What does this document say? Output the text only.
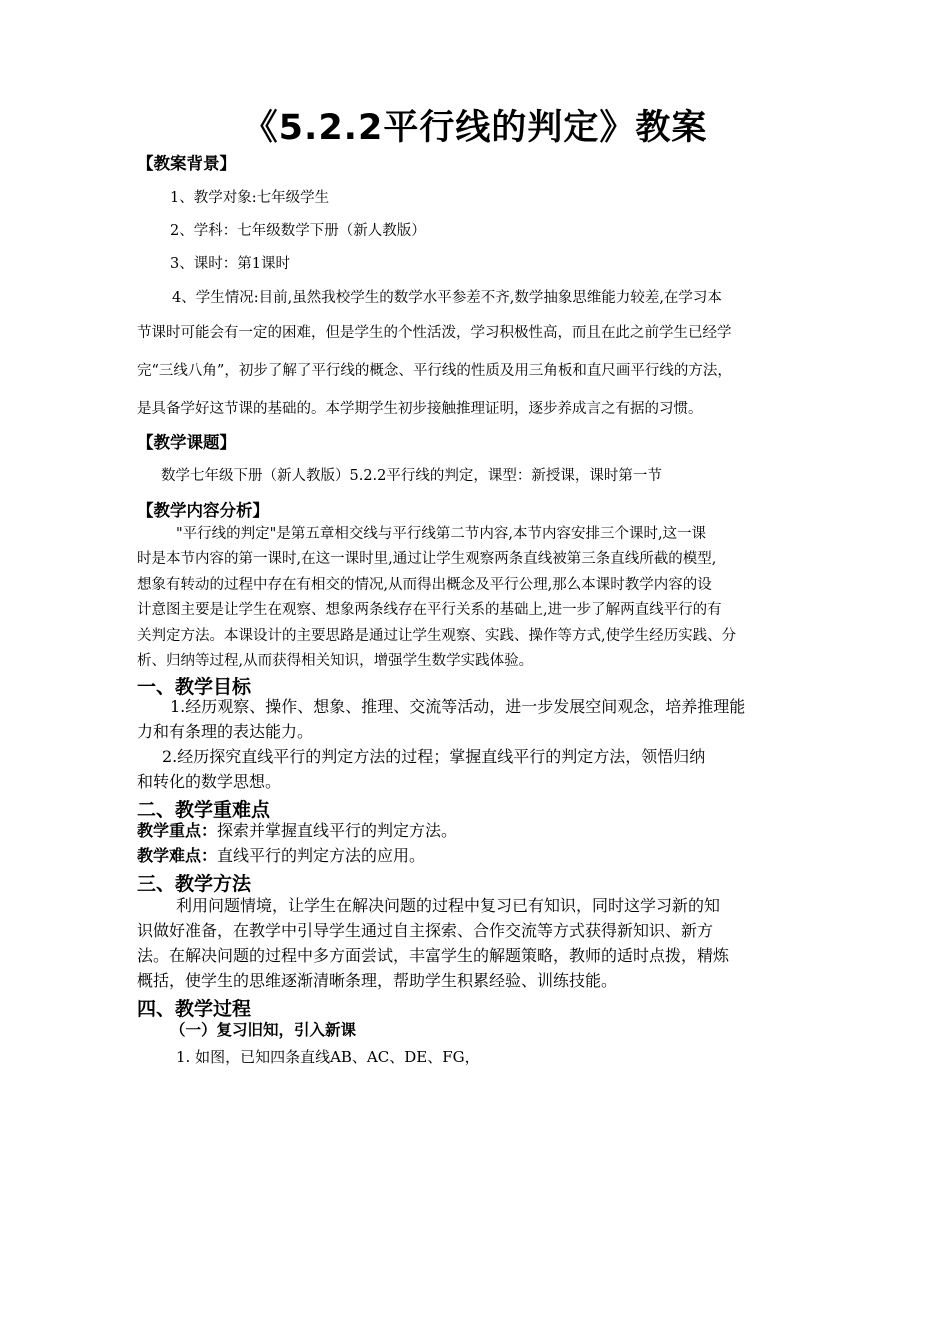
《5.2.2平行线的判定》教案
【教案背景】
1、教学对象:七年级学生
2、学科：七年级数学下册（新人教版）
3、课时：第1课时
4、学生情况:目前,虽然我校学生的数学水平参差不齐,数学抽象思维能力较差,在学习本
节课时可能会有一定的困难，但是学生的个性活泼，学习积极性高，而且在此之前学生已经学
完“三线八角”，初步了解了平行线的概念、平行线的性质及用三角板和直尺画平行线的方法，
是具备学好这节课的基础的。本学期学生初步接触推理证明，逐步养成言之有据的习惯。
【教学课题】
数学七年级下册（新人教版）5.2.2平行线的判定，课型：新授课，课时第一节
【教学内容分析】
"平行线的判定"是第五章相交线与平行线第二节内容,本节内容安排三个课时,这一课
时是本节内容的第一课时,在这一课时里,通过让学生观察两条直线被第三条直线所截的模型,
想象有转动的过程中存在有相交的情况,从而得出概念及平行公理,那么本课时教学内容的设
计意图主要是让学生在观察、想象两条线存在平行关系的基础上,进一步了解两直线平行的有
关判定方法。本课设计的主要思路是通过让学生观察、实践、操作等方式,使学生经历实践、分
析、归纳等过程,从而获得相关知识，增强学生数学实践体验。
一、教学目标
1.经历观察、操作、想象、推理、交流等活动，进一步发展空间观念，培养推理能
力和有条理的表达能力。
2.经历探究直线平行的判定方法的过程；掌握直线平行的判定方法，领悟归纳
和转化的数学思想。
二、教学重难点
教学重点：探索并掌握直线平行的判定方法。
教学难点：直线平行的判定方法的应用。
三、教学方法
利用问题情境，让学生在解决问题的过程中复习已有知识，同时这学习新的知
识做好准备，在教学中引导学生通过自主探索、合作交流等方式获得新知识、新方
法。在解决问题的过程中多方面尝试，丰富学生的解题策略，教师的适时点拨，精炼
概括，使学生的思维逐渐清晰条理，帮助学生积累经验、训练技能。
四、教学过程
（一）复习旧知，引入新课
1. 如图，已知四条直线AB、AC、DE、FG，
